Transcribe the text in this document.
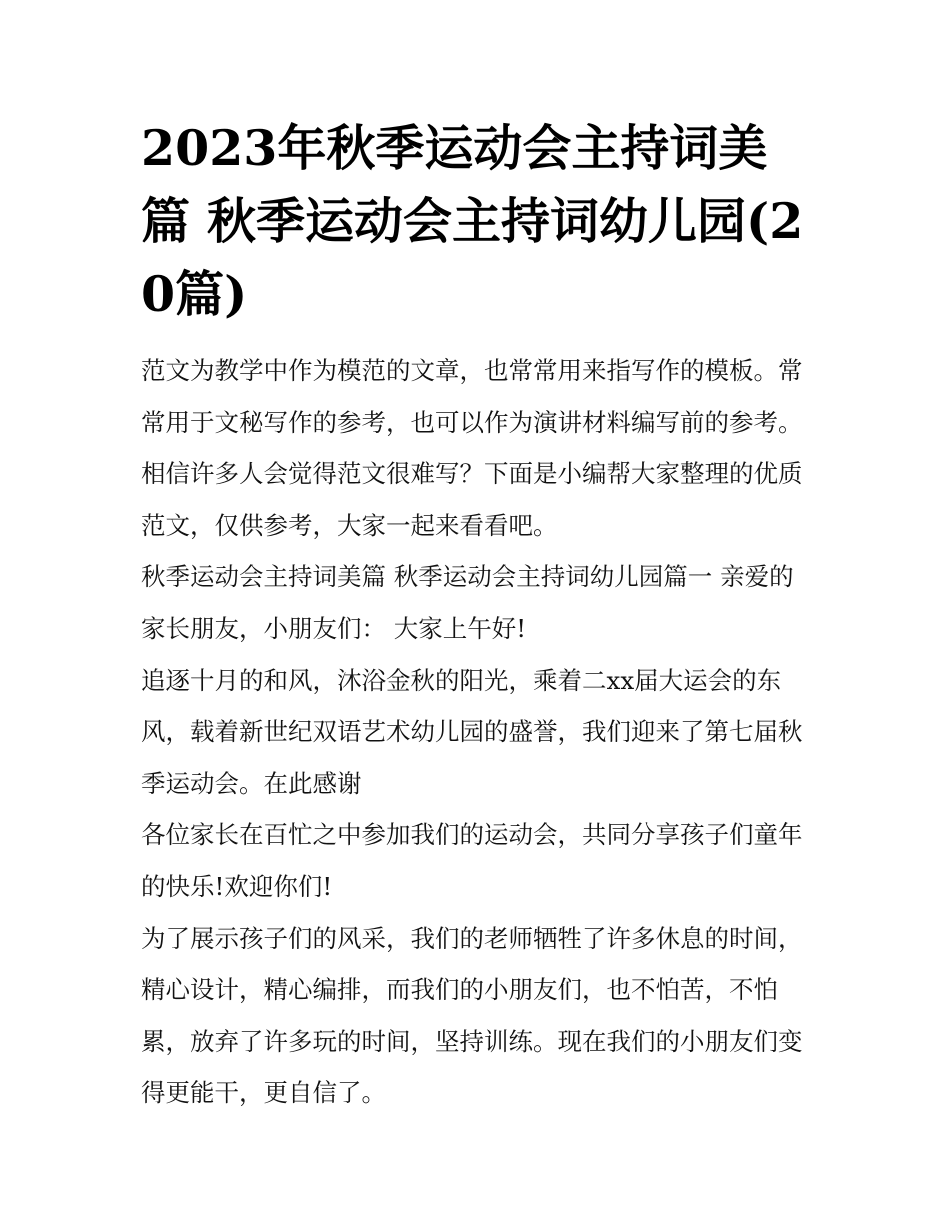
2023年秋季运动会主持词美篇 秋季运动会主持词幼儿园(20篇)

范文为教学中作为模范的文章，也常常用来指写作的模板。常常用于文秘写作的参考，也可以作为演讲材料编写前的参考。相信许多人会觉得范文很难写？下面是小编帮大家整理的优质范文，仅供参考，大家一起来看看吧。

秋季运动会主持词美篇 秋季运动会主持词幼儿园篇一 亲爱的家长朋友，小朋友们： 大家上午好!

追逐十月的和风，沐浴金秋的阳光，乘着二xx届大运会的东风，载着新世纪双语艺术幼儿园的盛誉，我们迎来了第七届秋季运动会。在此感谢

各位家长在百忙之中参加我们的运动会，共同分享孩子们童年的快乐!欢迎你们!

为了展示孩子们的风采，我们的老师牺牲了许多休息的时间，精心设计，精心编排，而我们的小朋友们，也不怕苦，不怕累，放弃了许多玩的时间，坚持训练。现在我们的小朋友们变得更能干，更自信了。
